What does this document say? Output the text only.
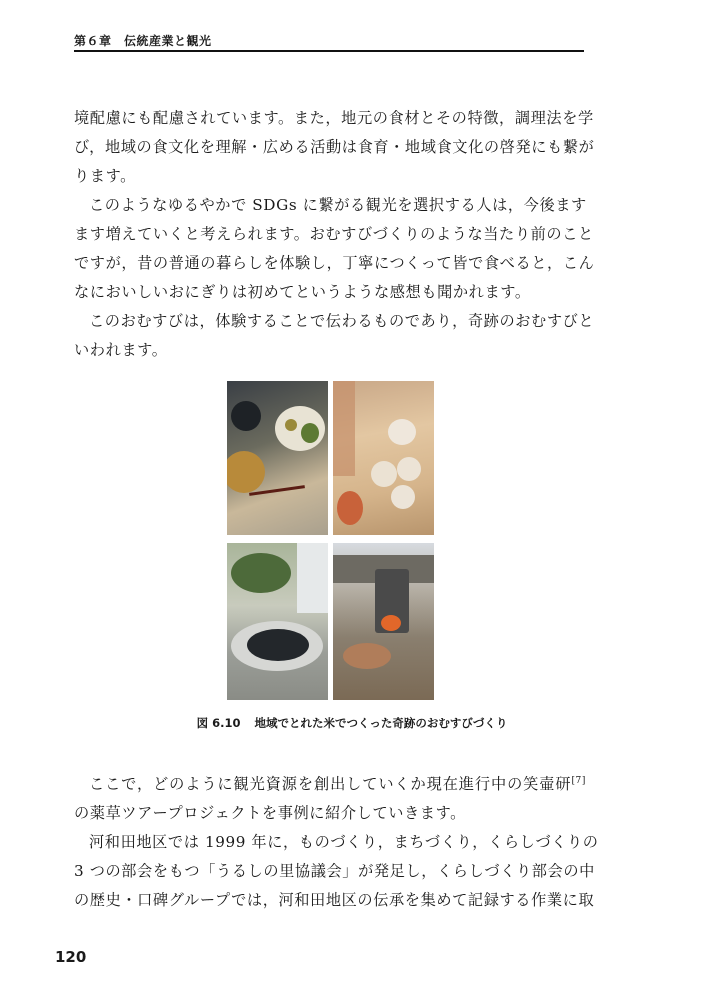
第６章　伝統産業と観光
境配慮にも配慮されています。また，地元の食材とその特徴，調理法を学
び，地域の食文化を理解・広める活動は食育・地域食文化の啓発にも繋が
ります。
このようなゆるやかで SDGs に繋がる観光を選択する人は，今後ます
ます増えていくと考えられます。おむすびづくりのような当たり前のこと
ですが，昔の普通の暮らしを体験し，丁寧につくって皆で食べると，こん
なにおいしいおにぎりは初めてというような感想も聞かれます。
このおむすびは，体験することで伝わるものであり，奇跡のおむすびと
いわれます。
図 6.10 地域でとれた米でつくった奇跡のおむすびづくり
ここで，どのように観光資源を創出していくか現在進行中の笑壷研[7]
の薬草ツアープロジェクトを事例に紹介していきます。
河和田地区では 1999 年に，ものづくり，まちづくり，くらしづくりの
3 つの部会をもつ「うるしの里協議会」が発足し，くらしづくり部会の中
の歴史・口碑グループでは，河和田地区の伝承を集めて記録する作業に取
120
